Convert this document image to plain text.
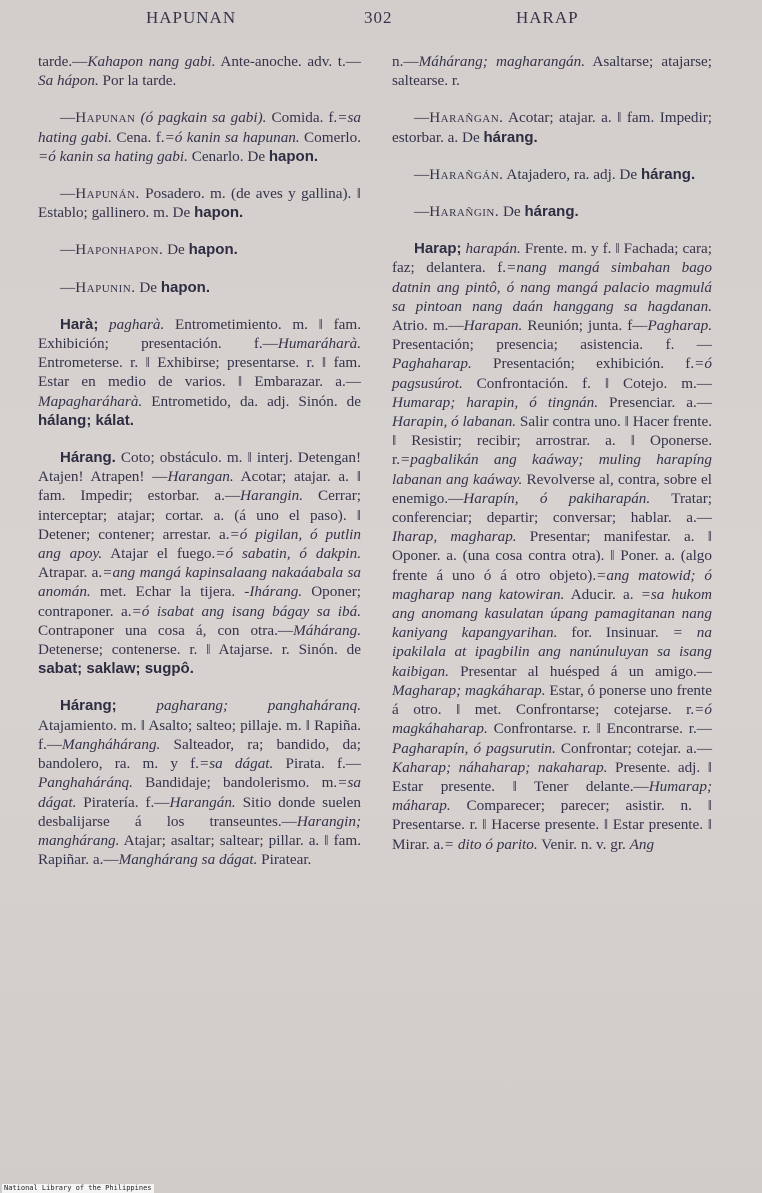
HAPUNAN	302	HARAP

tarde.—Kahapon nang gabi. Ante-anoche. adv. t.—Sa hápon. Por la tarde.

—Hapunan (ó pagkain sa gabi). Comida. f.=sa hating gabi. Cena. f.=ó kanin sa hapunan. Comerlo. =ó kanin sa hating gabi. Cenarlo. De hapon.

—Hapunán. Posadero. m. (de aves y gallina). ‖ Establo; gallinero. m. De hapon.

—Haponhapon. De hapon.

—Hapunin. De hapon.

Harà; pagharà. Entrometimiento. m. ‖ fam. Exhibición; presentación. f.—Humaráharà. Entrometerse. r. ‖ Exhibirse; presentarse. r. ‖ fam. Estar en medio de varios. ‖ Embarazar. a.—Mapagharáharà. Entrometido, da. adj. Sinón. de hálang; kálat.

Hárang. Coto; obstáculo. m. ‖ interj. Detengan! Atajen! Atrapen! —Harangan. Acotar; atajar. a. ‖ fam. Impedir; estorbar. a.—Harangin. Cerrar; interceptar; atajar; cortar. a. (á uno el paso). ‖ Detener; contener; arrestar. a.=ó pigilan, ó putlin ang apoy. Atajar el fuego.=ó sabatin, ó dakpin. Atrapar. a.=ang mangá kapinsalaang nakaáabala sa anomán. met. Echar la tijera. -Ihárang. Oponer; contraponer. a.=ó isabat ang isang bágay sa ibá. Contraponer una cosa á, con otra.—Máhárang. Detenerse; contenerse. r. ‖ Atajarse. r. Sinón. de sabat; saklaw; sugpô.

Hárang;	pagharang; panghaháranq. Atajamiento. m. ‖ Asalto; salteo; pillaje. m. ‖ Rapiña. f.—Mangháhárang. Salteador, ra; bandido, da; bandolero, ra. m. y f.=sa dágat. Pirata. f.—Panghaháránq. Bandidaje; bandolerismo. m.=sa dágat. Piratería. f.—Harangán. Sitio donde suelen desbalijarse á los transeuntes.—Harangin; manghárang. Atajar; asaltar; saltear; pillar. a. ‖ fam. Rapiñar. a.—Manghárang sa dágat. Piratear.

n.—Máhárang; magharangán. Asaltarse; atajarse; saltearse. r.

—Harañgan. Acotar; atajar. a. ‖ fam. Impedir; estorbar. a. De hárang.

—Harañgán. Atajadero, ra. adj. De hárang.

—Harañgin. De hárang.

Harap; harapán. Frente. m. y f. ‖ Fachada; cara; faz; delantera. f.=nang mangá simbahan bago datnin ang pintô, ó nang mangá palacio magmulá sa pintoan nang daán hanggang sa hagdanan. Atrio. m.—Harapan. Reunión; junta. f—Pagharap. Presentación; presencia; asistencia. f. —Paghaharap. Presentación; exhibición. f.=ó pagsusúrot. Confrontación. f. ‖ Cotejo. m.—Humarap; harapin, ó tingnán. Presenciar. a.—Harapin, ó labanan. Salir contra uno. ‖ Hacer frente. ‖ Resistir; recibir; arrostrar. a. ‖ Oponerse. r.=pagbalikán ang kaáway; muling harapíng labanan ang kaáway. Revolverse al, contra, sobre el enemigo.—Harapín, ó pakiharapán. Tratar; conferenciar; departir; conversar; hablar. a.—Iharap, magharap. Presentar; manifestar. a. ‖ Oponer. a. (una cosa contra otra). ‖ Poner. a. (algo frente á uno ó á otro objeto).=ang matowid; ó magharap nang katowiran. Aducir. a. =sa hukom ang anomang kasulatan úpang pamagitanan nang kaniyang kapangyarihan. for. Insinuar. = na ipakilala at ipagbilin ang nanúnuluyan sa isang kaibigan. Presentar al huésped á un amigo.—Magharap; magkáharap. Estar, ó ponerse uno frente á otro. ‖ met. Confrontarse; cotejarse. r.=ó magkáhaharap. Confrontarse. r. ‖ Encontrarse. r.—Pagharapín, ó pagsurutin. Confrontar; cotejar. a.—Kaharap; náhaharap; nakaharap. Presente. adj. ‖ Estar presente. ‖ Tener delante.—Humarap; máharap. Comparecer; parecer; asistir. n. ‖ Presentarse. r. ‖ Hacerse presente. ‖ Estar presente. ‖ Mirar. a.= dito ó parito. Venir. n. v. gr. Ang

National Library of the Philippines
